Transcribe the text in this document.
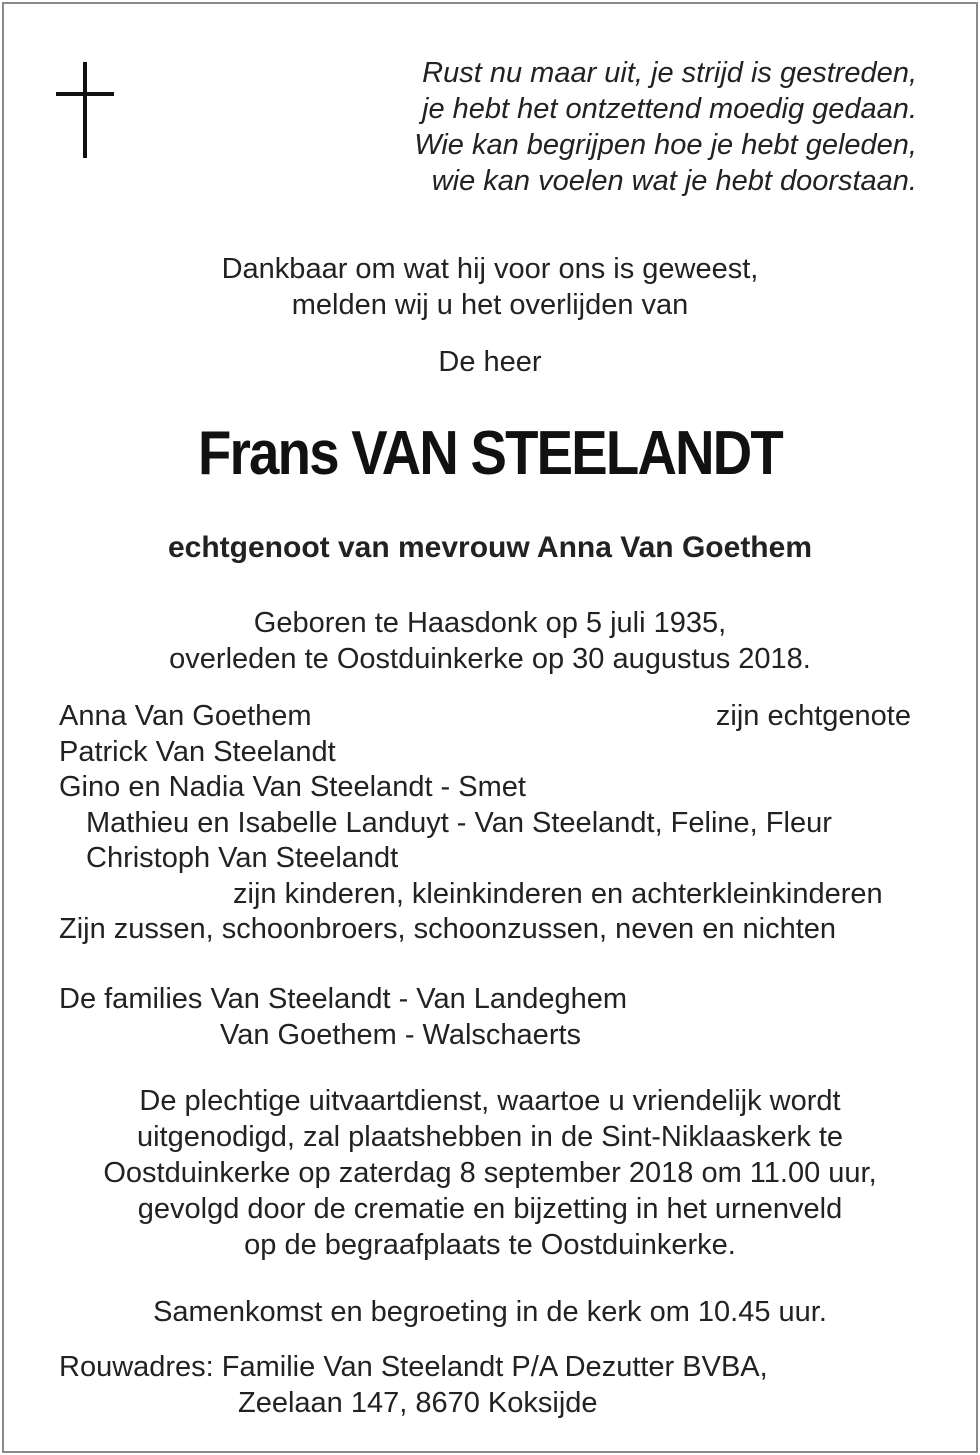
Rust nu maar uit, je strijd is gestreden,
je hebt het ontzettend moedig gedaan.
Wie kan begrijpen hoe je hebt geleden,
wie kan voelen wat je hebt doorstaan.
Dankbaar om wat hij voor ons is geweest,
melden wij u het overlijden van
De heer
Frans VAN STEELANDT
echtgenoot van mevrouw Anna Van Goethem
Geboren te Haasdonk op 5 juli 1935,
overleden te Oostduinkerke op 30 augustus 2018.
Anna Van Goethem	zijn echtgenote
Patrick Van Steelandt
Gino en Nadia Van Steelandt - Smet
Mathieu en Isabelle Landuyt - Van Steelandt, Feline, Fleur
Christoph Van Steelandt
zijn kinderen, kleinkinderen en achterkleinkinderen
Zijn zussen, schoonbroers, schoonzussen, neven en nichten
De families Van Steelandt - Van Landeghem
Van Goethem - Walschaerts
De plechtige uitvaartdienst, waartoe u vriendelijk wordt
uitgenodigd, zal plaatshebben in de Sint-Niklaaskerk te
Oostduinkerke op zaterdag 8 september 2018 om 11.00 uur,
gevolgd door de crematie en bijzetting in het urnenveld
op de begraafplaats te Oostduinkerke.
Samenkomst en begroeting in de kerk om 10.45 uur.
Rouwadres: Familie Van Steelandt P/A Dezutter BVBA,
Zeelaan 147, 8670 Koksijde
